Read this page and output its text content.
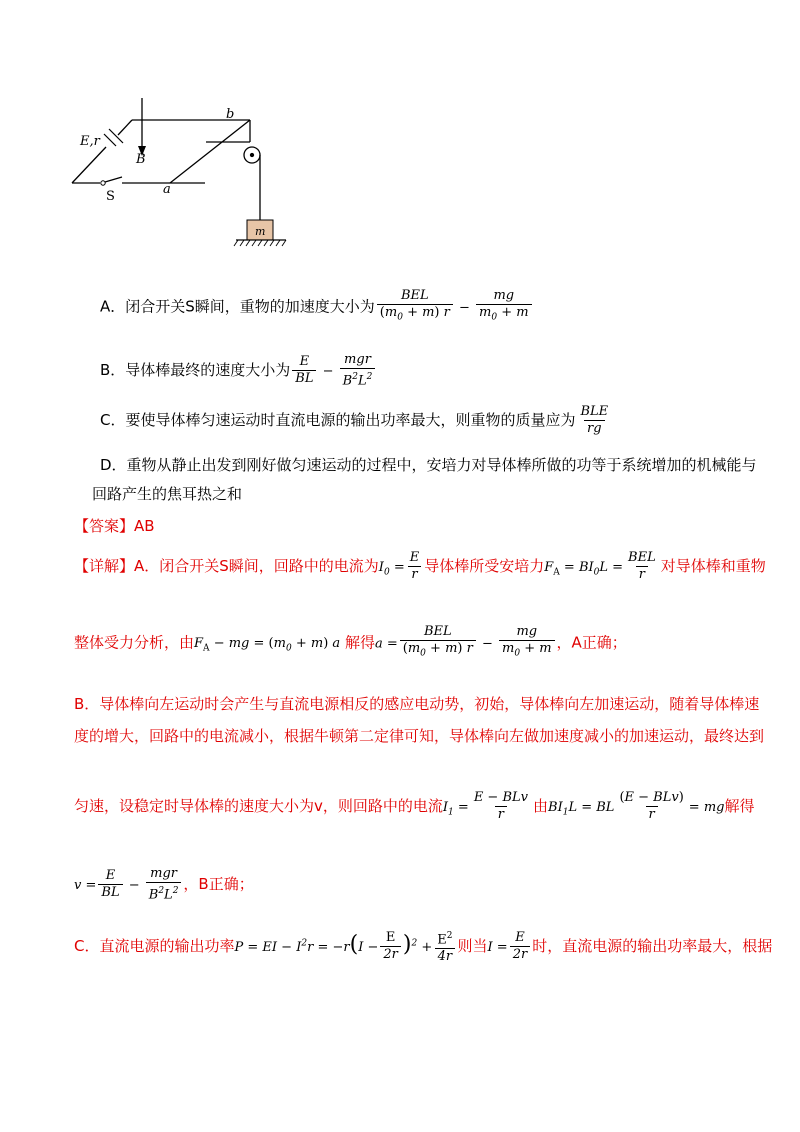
E,r
B
S	a
b
m
A．闭合开关S瞬间，重物的加速度大小为 $\frac{\text{BEL}}{(m_0 + m) r} - \frac{mg}{m_0 + m}$
B．导体棒最终的速度大小为 $\frac{E}{BL} - \frac{\text{mgr}}{B^2L^2}$
C．要使导体棒匀速运动时直流电源的输出功率最大，则重物的质量应为 $\frac{\text{BLE}}{rg}$
D．重物从静止出发到刚好做匀速运动的过程中，安培力对导体棒所做的功等于系统增加的机械能与
回路产生的焦耳热之和
【答案】AB
【详解】A．闭合开关S瞬间，回路中的电流为$I_0 = \frac{E}{r}$ 导体棒所受安培力$F_A = BI_0L = \frac{\text{BEL}}{r}$ 对导体棒和重物
整体受力分析，由$F_A$ − mg = $(m_0 + m)$ a 解得$a = \frac{\text{BEL}}{(m_0 + m) r} - \frac{mg}{m_0 + m}$ ，A正确；
B．导体棒向左运动时会产生与直流电源相反的感应电动势，初始，导体棒向左加速运动，随着导体棒速
度的增大，回路中的电流减小，根据牛顿第二定律可知，导体棒向左做加速度减小的加速运动，最终达到
匀速，设稳定时导体棒的速度大小为v，则回路中的电流$I_1 = \frac{\text{E − BLv}}{r}$ 由$BI_1L$ = BL $\frac{\text{(E − BLv)}}{r}$ = mg解得
$v = \frac{E}{BL} - \frac{\text{mgr}}{B^2L^2}$ ，B正确；
C．直流电源的输出功率P = EI − $I^2r = -r(I - \frac{E}{2r} )^2 + \frac{E^2}{4r}$ 则当$I = \frac{E}{2r}$ 时，直流电源的输出功率最大，根据
